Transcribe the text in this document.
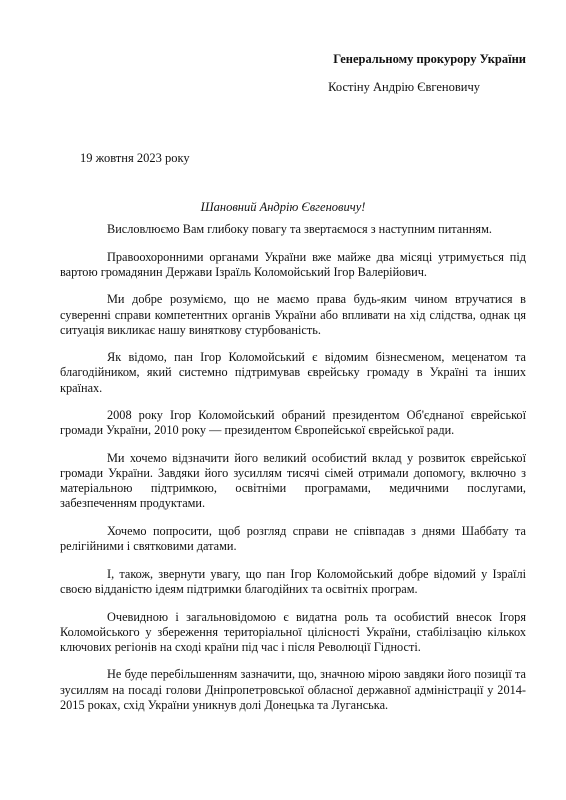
Генеральному прокурору України
Костіну Андрію Євгеновичу
19 жовтня 2023 року
Шановний Андрію Євгеновичу!

Висловлюємо Вам глибоку повагу та звертаємося з наступним питанням.

Правоохоронними органами України вже майже два місяці утримується під вартою громадянин Держави Ізраїль Коломойський Ігор Валерійович.

Ми добре розуміємо, що не маємо права будь-яким чином втручатися в суверенні справи компетентних органів України або впливати на хід слідства, однак ця ситуація викликає нашу виняткову стурбованість.

Як відомо, пан Ігор Коломойський є відомим бізнесменом, меценатом та благодійником, який системно підтримував єврейську громаду в Україні та інших країнах.

2008 року Ігор Коломойський обраний президентом Об'єднаної єврейської громади України, 2010 року — президентом Європейської єврейської ради.

Ми хочемо відзначити його великий особистий вклад у розвиток єврейської громади України. Завдяки його зусиллям тисячі сімей отримали допомогу, включно з матеріальною підтримкою, освітніми програмами, медичними послугами, забезпеченням продуктами.

Хочемо попросити, щоб розгляд справи не співпадав з днями Шаббату та релігійними і святковими датами.

І, також, звернути увагу, що пан Ігор Коломойський добре відомий у Ізраїлі своєю відданістю ідеям підтримки благодійних та освітніх програм.

Очевидною і загальновідомою є видатна роль та особистий внесок Ігоря Коломойського у збереження територіальної цілісності України, стабілізацію кількох ключових регіонів на сході країни під час і після Революції Гідності.

Не буде перебільшенням зазначити, що, значною мірою завдяки його позиції та зусиллям на посаді голови Дніпропетровської обласної державної адміністрації у 2014-2015 роках, схід України уникнув долі Донецька та Луганська.
